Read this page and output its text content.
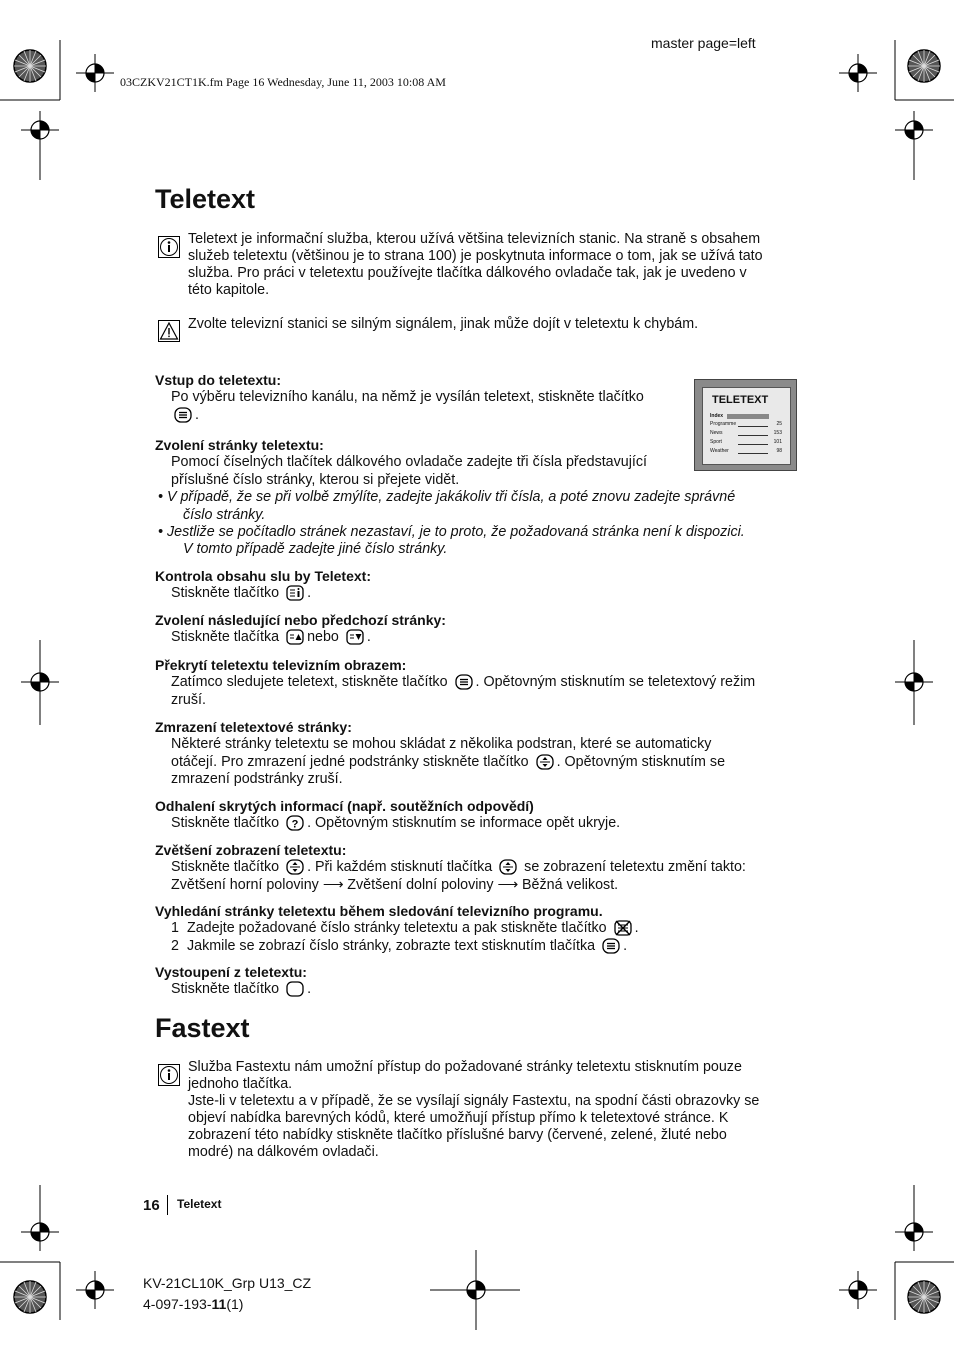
master page=left
03CZKV21CT1K.fm Page 16 Wednesday, June 11, 2003 10:08 AM
Teletext
Teletext je informační služba, kterou užívá většina televizních stanic. Na straně s obsahem
služeb teletextu (většinou je to strana 100) je poskytnuta informace o tom, jak se užívá tato
služba. Pro práci v teletextu používejte tlačítka dálkového ovladače tak, jak je uvedeno v
této kapitole.
Zvolte televizní stanici se silným signálem, jinak může dojít v teletextu k chybám.
TELETEXT
Index
Programme	25
News	153
Sport	101
Weather	98
Vstup do teletextu:
Po výběru televizního kanálu, na němž je vysílán teletext, stiskněte tlačítko
.
Zvolení stránky teletextu:
Pomocí číselných tlačítek dálkového ovladače zadejte tři čísla představující
příslušné číslo stránky, kterou si přejete vidět.
• V případě, že se při volbě zmýlíte, zadejte jakákoliv tři čísla, a poté znovu zadejte správné
číslo stránky.
• Jestliže se počítadlo stránek nezastaví, je to proto, že požadovaná stránka není k dispozici.
V tomto případě zadejte jiné číslo stránky.
Kontrola obsahu slu by Teletext:
Stiskněte tlačítko .
Zvolení následující nebo předchozí stránky:
Stiskněte tlačítka nebo .
Překrytí teletextu televizním obrazem:
Zatímco sledujete teletext, stiskněte tlačítko . Opětovným stisknutím se teletextový režim
zruší.
Zmrazení teletextové stránky:
Některé stránky teletextu se mohou skládat z několika podstran, které se automaticky
otáčejí. Pro zmrazení jedné podstránky stiskněte tlačítko . Opětovným stisknutím se
zmrazení podstránky zruší.
Odhalení skrytých informací (např. soutěžních odpovědí)
Stiskněte tlačítko ? . Opětovným stisknutím se informace opět ukryje.
Zvětšení zobrazení teletextu:
Stiskněte tlačítko . Při každém stisknutí tlačítka se zobrazení teletextu změní takto:
Zvětšení horní poloviny ⟶ Zvětšení dolní poloviny ⟶ Běžná velikost.
Vyhledání stránky teletextu během sledování televizního programu.
1 Zadejte požadované číslo stránky teletextu a pak stiskněte tlačítko .
2 Jakmile se zobrazí číslo stránky, zobrazte text stisknutím tlačítka .
Vystoupení z teletextu:
Stiskněte tlačítko .
Fastext
Služba Fastextu nám umožní přístup do požadované stránky teletextu stisknutím pouze
jednoho tlačítka.
Jste-li v teletextu a v případě, že se vysílají signály Fastextu, na spodní části obrazovky se
objeví nabídka barevných kódů, které umožňují přístup přímo k teletextové stránce. K
zobrazení této nabídky stiskněte tlačítko příslušné barvy (červené, zelené, žluté nebo
modré) na dálkovém ovladači.
16 Teletext
KV-21CL10K_Grp U13_CZ
4-097-193-11(1)
